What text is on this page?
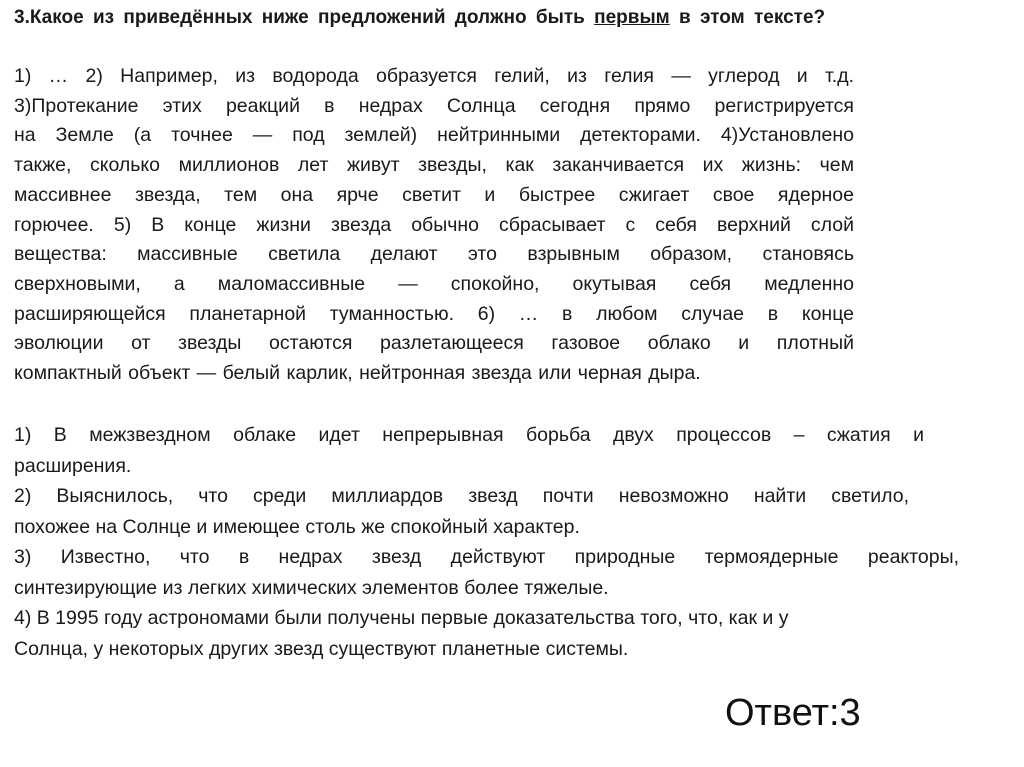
3.Какое из приведённых ниже предложений должно быть первым в этом тексте?
1) … 2) Например, из водорода образуется гелий, из гелия — углерод и т.д.
3)Протекание этих реакций в недрах Солнца сегодня прямо регистрируется
на Земле (а точнее — под землей) нейтринными детекторами. 4)Установлено
также, сколько миллионов лет живут звезды, как заканчивается их жизнь: чем
массивнее звезда, тем она ярче светит и быстрее сжигает свое ядерное
горючее. 5) В конце жизни звезда обычно сбрасывает с себя верхний слой
вещества: массивные светила делают это взрывным образом, становясь
сверхновыми, а маломассивные — спокойно, окутывая себя медленно
расширяющейся планетарной туманностью. 6) … в любом случае в конце
эволюции от звезды остаются разлетающееся газовое облако и плотный
компактный объект — белый карлик, нейтронная звезда или черная дыра.
1) В межзвездном облаке идет непрерывная борьба двух процессов – сжатия и
расширения.
2) Выяснилось, что среди миллиардов звезд почти невозможно найти светило,
похожее на Солнце и имеющее столь же спокойный характер.
3) Известно, что в недрах звезд действуют природные термоядерные реакторы,
синтезирующие из легких химических элементов более тяжелые.
4) В 1995 году астрономами были получены первые доказательства того, что, как и у
Солнца, у некоторых других звезд существуют планетные системы.
Ответ:3
